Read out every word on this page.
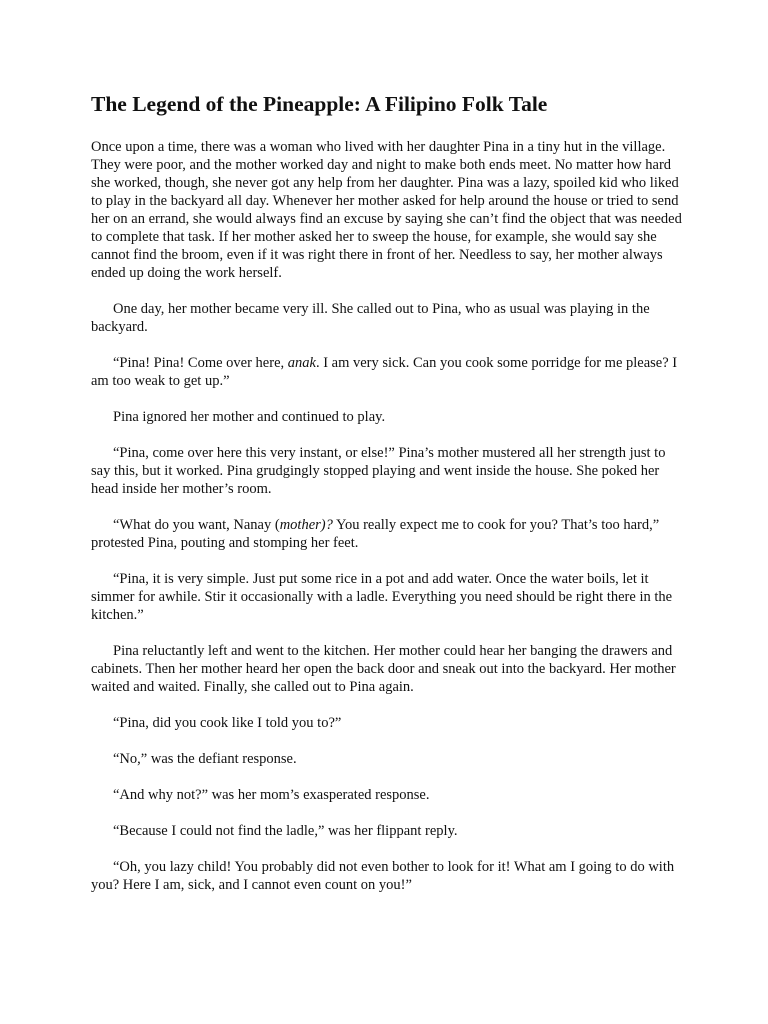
The Legend of the Pineapple: A Filipino Folk Tale

Once upon a time, there was a woman who lived with her daughter Pina in a tiny hut in the village. They were poor, and the mother worked day and night to make both ends meet. No matter how hard she worked, though, she never got any help from her daughter. Pina was a lazy, spoiled kid who liked to play in the backyard all day. Whenever her mother asked for help around the house or tried to send her on an errand, she would always find an excuse by saying she can’t find the object that was needed to complete that task. If her mother asked her to sweep the house, for example, she would say she cannot find the broom, even if it was right there in front of her. Needless to say, her mother always ended up doing the work herself.

One day, her mother became very ill. She called out to Pina, who as usual was playing in the backyard.

“Pina! Pina! Come over here, anak. I am very sick. Can you cook some porridge for me please? I am too weak to get up.”

Pina ignored her mother and continued to play.

“Pina, come over here this very instant, or else!” Pina’s mother mustered all her strength just to say this, but it worked. Pina grudgingly stopped playing and went inside the house. She poked her head inside her mother’s room.

“What do you want, Nanay (mother)? You really expect me to cook for you? That’s too hard,” protested Pina, pouting and stomping her feet.

“Pina, it is very simple. Just put some rice in a pot and add water. Once the water boils, let it simmer for awhile. Stir it occasionally with a ladle. Everything you need should be right there in the kitchen.”

Pina reluctantly left and went to the kitchen. Her mother could hear her banging the drawers and cabinets. Then her mother heard her open the back door and sneak out into the backyard. Her mother waited and waited. Finally, she called out to Pina again.

“Pina, did you cook like I told you to?”

“No,” was the defiant response.

“And why not?” was her mom’s exasperated response.

“Because I could not find the ladle,” was her flippant reply.

“Oh, you lazy child! You probably did not even bother to look for it! What am I going to do with you? Here I am, sick, and I cannot even count on you!”
